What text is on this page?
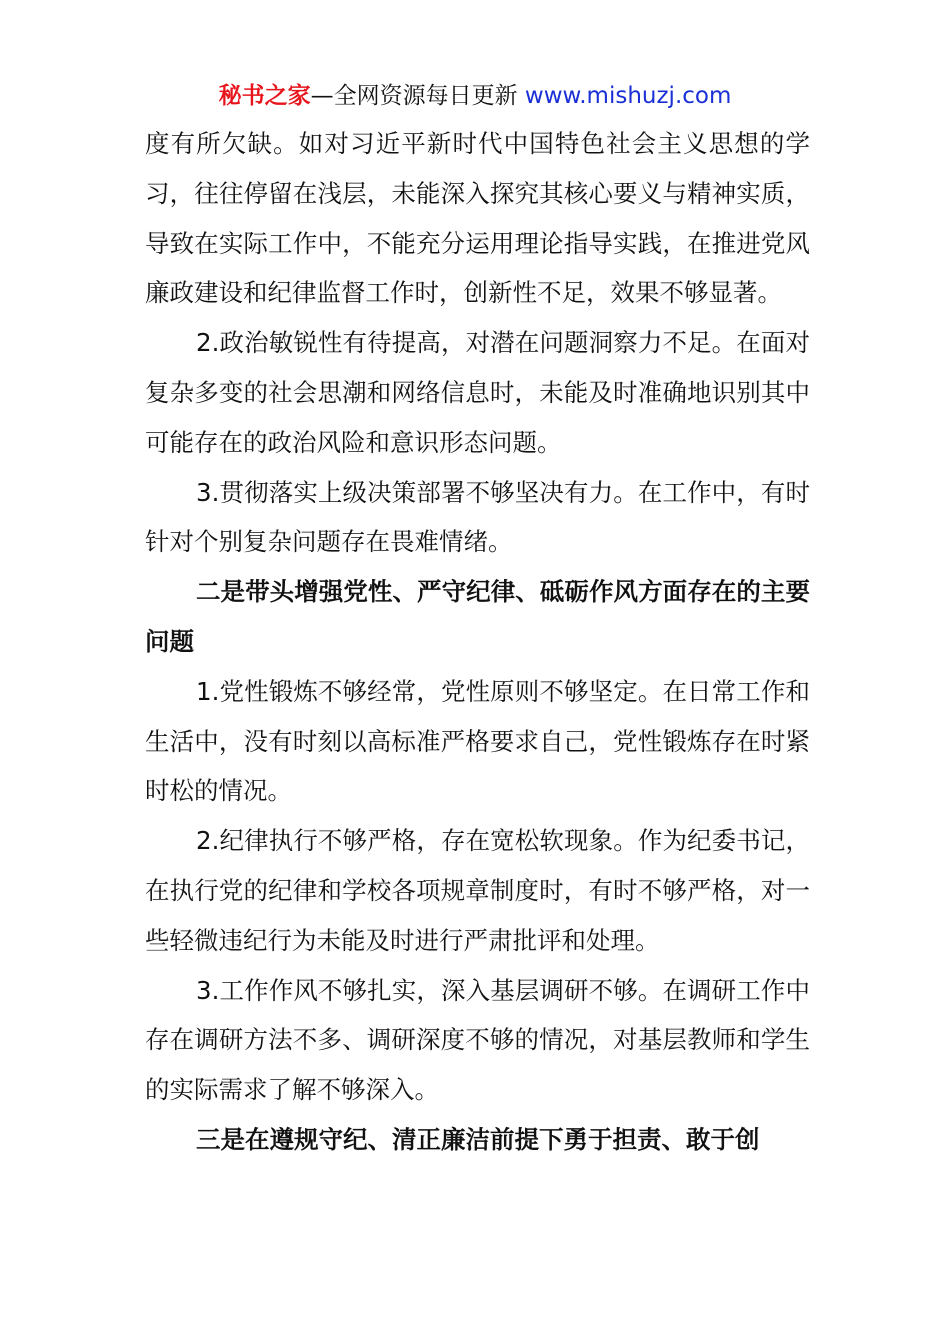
秘书之家—全网资源每日更新 www.mishuzj.com

度有所欠缺。如对习近平新时代中国特色社会主义思想的学习，往往停留在浅层，未能深入探究其核心要义与精神实质，导致在实际工作中，不能充分运用理论指导实践，在推进党风廉政建设和纪律监督工作时，创新性不足，效果不够显著。

2.政治敏锐性有待提高，对潜在问题洞察力不足。在面对复杂多变的社会思潮和网络信息时，未能及时准确地识别其中可能存在的政治风险和意识形态问题。

3.贯彻落实上级决策部署不够坚决有力。在工作中，有时针对个别复杂问题存在畏难情绪。

二是带头增强党性、严守纪律、砥砺作风方面存在的主要问题

1.党性锻炼不够经常，党性原则不够坚定。在日常工作和生活中，没有时刻以高标准严格要求自己，党性锻炼存在时紧时松的情况。

2.纪律执行不够严格，存在宽松软现象。作为纪委书记，在执行党的纪律和学校各项规章制度时，有时不够严格，对一些轻微违纪行为未能及时进行严肃批评和处理。

3.工作作风不够扎实，深入基层调研不够。在调研工作中存在调研方法不多、调研深度不够的情况，对基层教师和学生的实际需求了解不够深入。

三是在遵规守纪、清正廉洁前提下勇于担责、敢于创
